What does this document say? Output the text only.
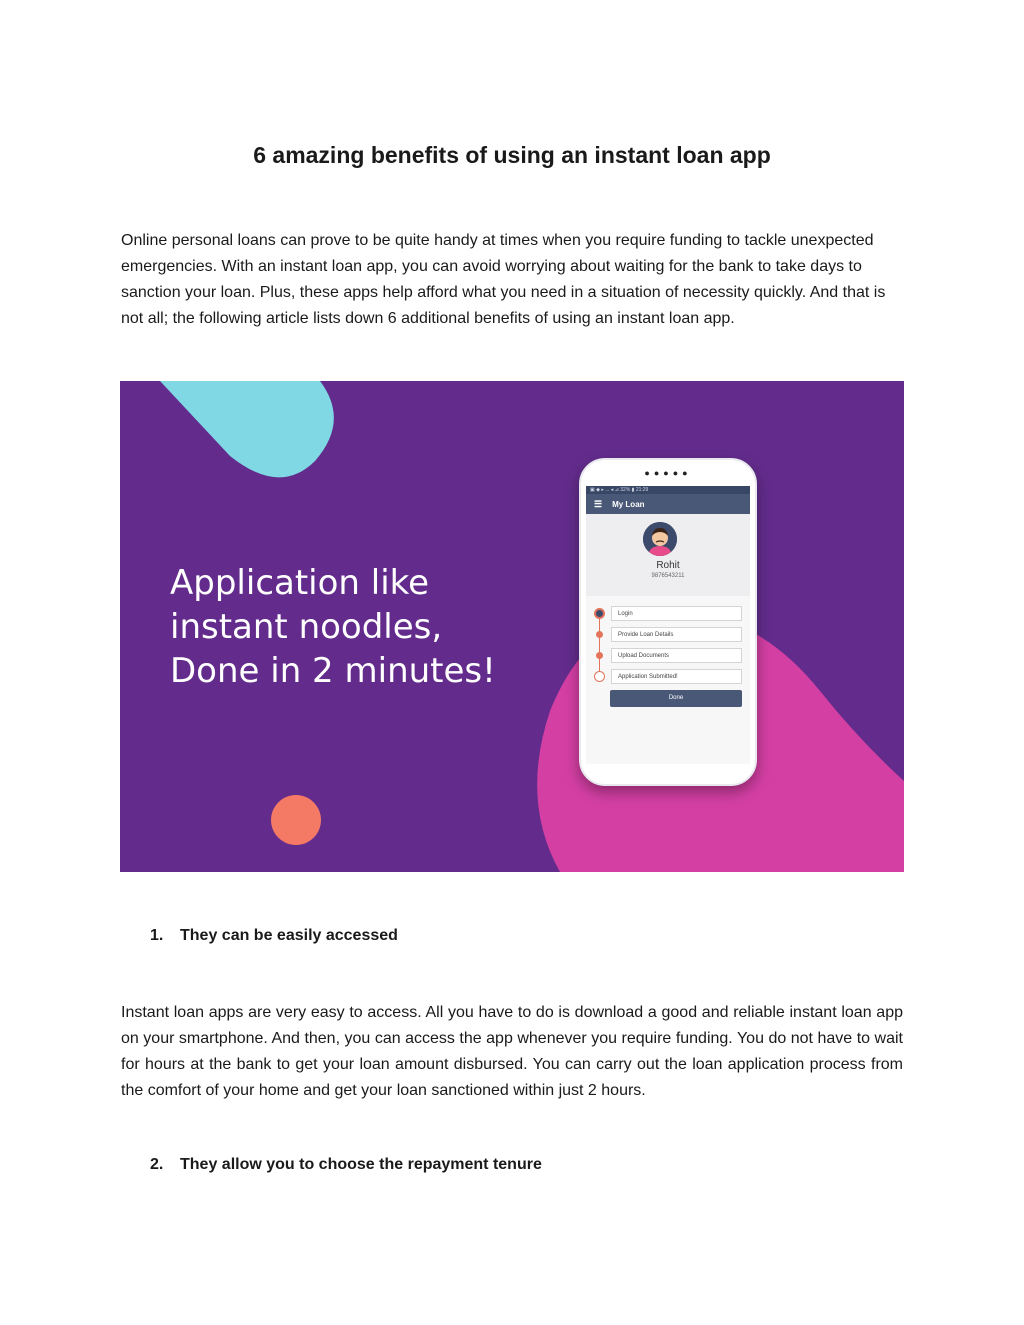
6 amazing benefits of using an instant loan app

Online personal loans can prove to be quite handy at times when you require funding to tackle unexpected emergencies. With an instant loan app, you can avoid worrying about waiting for the bank to take days to sanction your loan. Plus, these apps help afford what you need in a situation of necessity quickly. And that is not all; the following article lists down 6 additional benefits of using an instant loan app.

Application like
instant noodles,
Done in 2 minutes!
●●●●●
▣ ◆ ▸ ... ◂ ⊿ 32% ▮ 21:29
☰ My Loan
Rohit
9876543211
Login
Provide Loan Details
Upload Documents
Application Submitted!
Done
1. They can be easily accessed

Instant loan apps are very easy to access. All you have to do is download a good and reliable instant loan app on your smartphone. And then, you can access the app whenever you require funding. You do not have to wait for hours at the bank to get your loan amount disbursed. You can carry out the loan application process from the comfort of your home and get your loan sanctioned within just 2 hours.

2. They allow you to choose the repayment tenure
